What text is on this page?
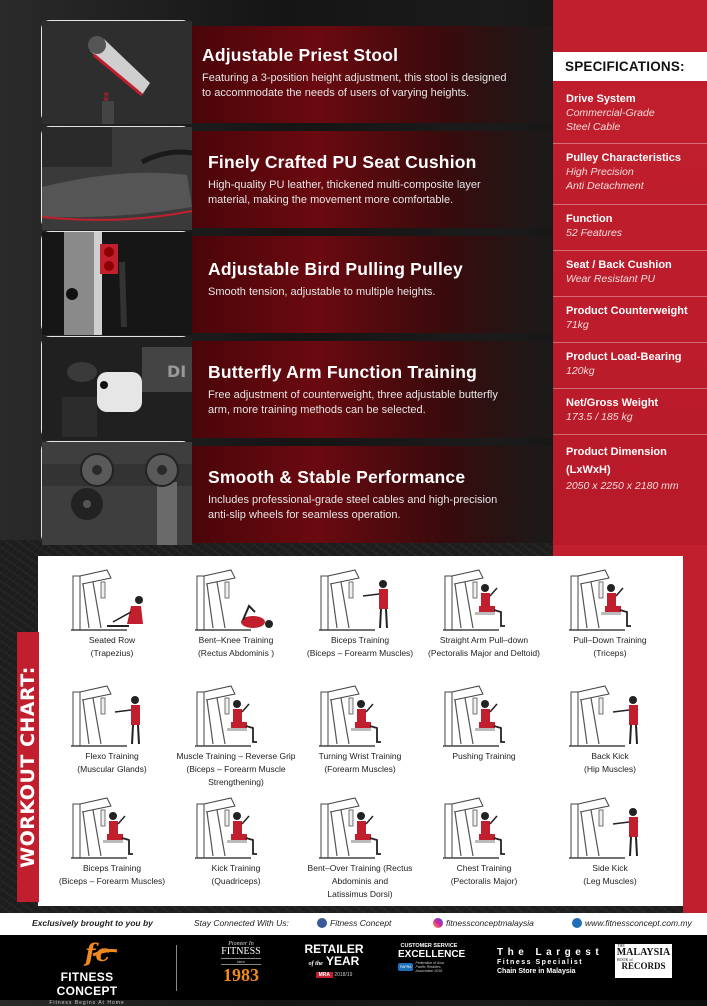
SPECIFICATIONS:
Drive System
Commercial-Grade
Steel Cable
Pulley Characteristics
High Precision
Anti Detachment
Function
52 Features
Seat / Back Cushion
Wear Resistant PU
Product Counterweight
71kg
Product Load-Bearing
120kg
Net/Gross Weight
173.5 / 185 kg
Product Dimension
(LxWxH)
2050 x 2250 x 2180 mm
⇕
DI
Adjustable Priest Stool
Featuring a 3-position height adjustment, this stool is designed
to accommodate the needs of users of varying heights.
Finely Crafted PU Seat Cushion
High-quality PU leather, thickened multi-composite layer
material, making the movement more comfortable.
Adjustable Bird Pulling Pulley
Smooth tension, adjustable to multiple heights.
Butterfly Arm Function Training
Free adjustment of counterweight, three adjustable butterfly
arm, more training methods can be selected.
Smooth & Stable Performance
Includes professional-grade steel cables and high-precision
anti-slip wheels for seamless operation.
WORKOUT CHART:
Seated Row
(Trapezius)
Bent–Knee Training
(Rectus Abdominis )
Biceps Training
(Biceps – Forearm Muscles)
Straight Arm Pull–down
(Pectoralis Major and Deltoid)
Pull–Down Training
(Triceps)
Flexo Training
(Muscular Glands)
Muscle Training – Reverse Grip
(Biceps – Forearm Muscle
Strengthening)
Turning Wrist Training
(Forearm Muscles)
Pushing Training	Back Kick
(Hip Muscles)
Biceps Training
(Biceps – Forearm Muscles)
Kick Training
(Quadriceps)
Bent–Over Training (Rectus
Abdominis and
Latissimus Dorsi)
Chest Training
(Pectoralis Major)
Side Kick
(Leg Muscles)
Exclusively brought to you by	Stay Connected With Us:	Fitness Concept	fitnessconceptmalaysia	www.fitnessconcept.com.my
fc
FITNESS CONCEPT
Fitness Begins At Home
Pioneer In
FITNESS
since
1983
RETAILER
of the YEAR
MRA 2018/19
CUSTOMER SERVICE
EXCELLENCE
FAPRA
Federation of Asia
Pacific Retailers
Association 2018
The Largest
Fitness Specialist
Chain Store in Malaysia
THE
MALAYSIA
BOOK of
RECORDS
